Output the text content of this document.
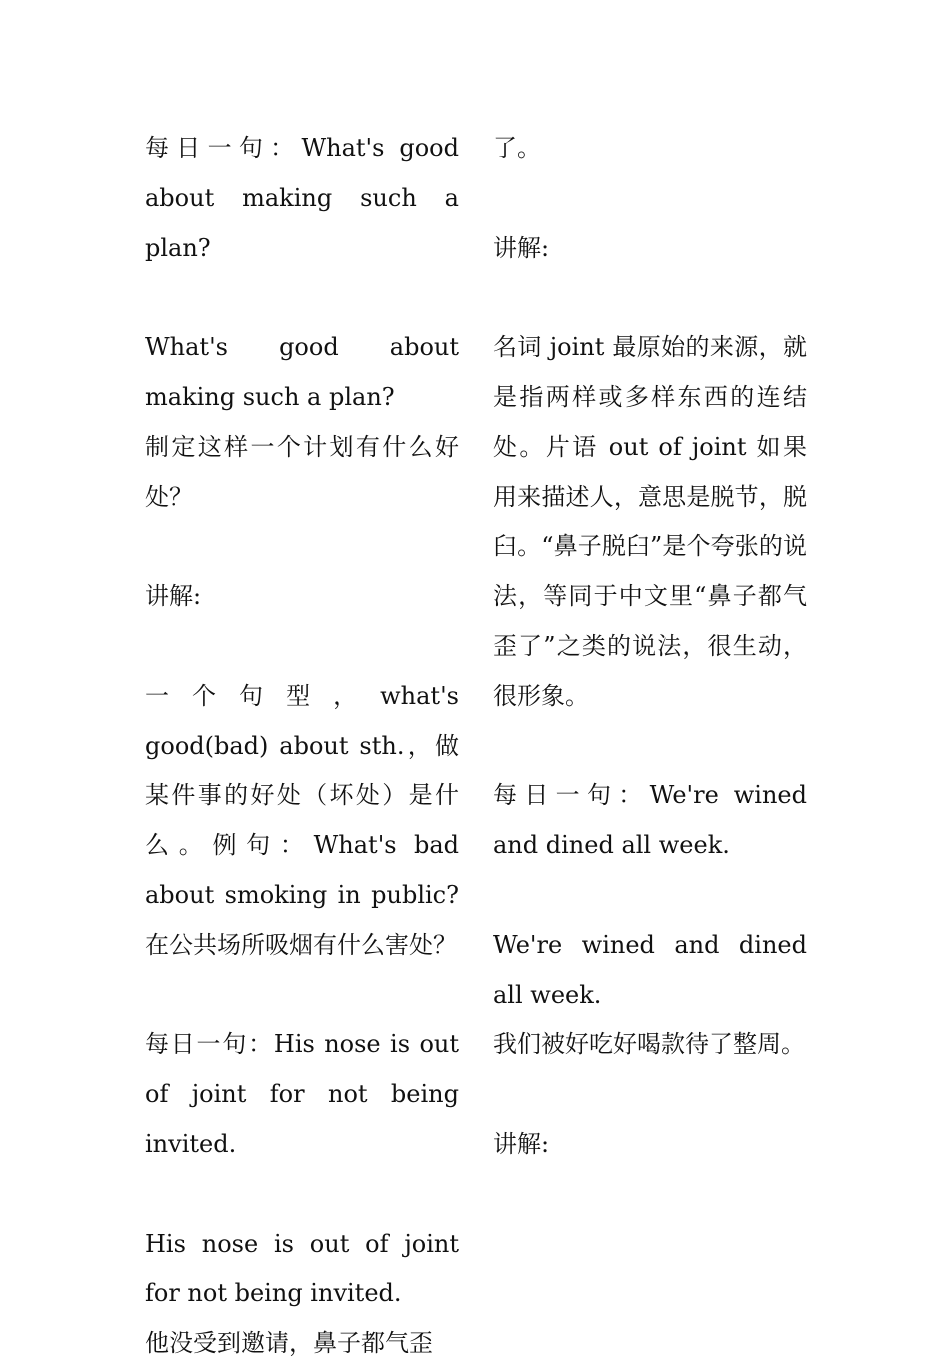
每日一句：What's good about making such a plan?

What's good about making such a plan?

制定这样一个计划有什么好处？

讲解:

一个句型，what's good(bad) about sth.，做某件事的好处（坏处）是什么。例句：What's bad about smoking in public? 在公共场所吸烟有什么害处？

每日一句：His nose is out of joint for not being invited.

His nose is out of joint for not being invited.

他没受到邀请，鼻子都气歪

了。

讲解:

名词 joint 最原始的来源，就是指两样或多样东西的连结处。片语 out of joint 如果用来描述人，意思是脱节，脱臼。“鼻子脱臼”是个夸张的说法，等同于中文里“鼻子都气歪了”之类的说法，很生动，很形象。

每日一句：We're wined and dined all week.

We're wined and dined all week.

我们被好吃好喝款待了整周。

讲解:
